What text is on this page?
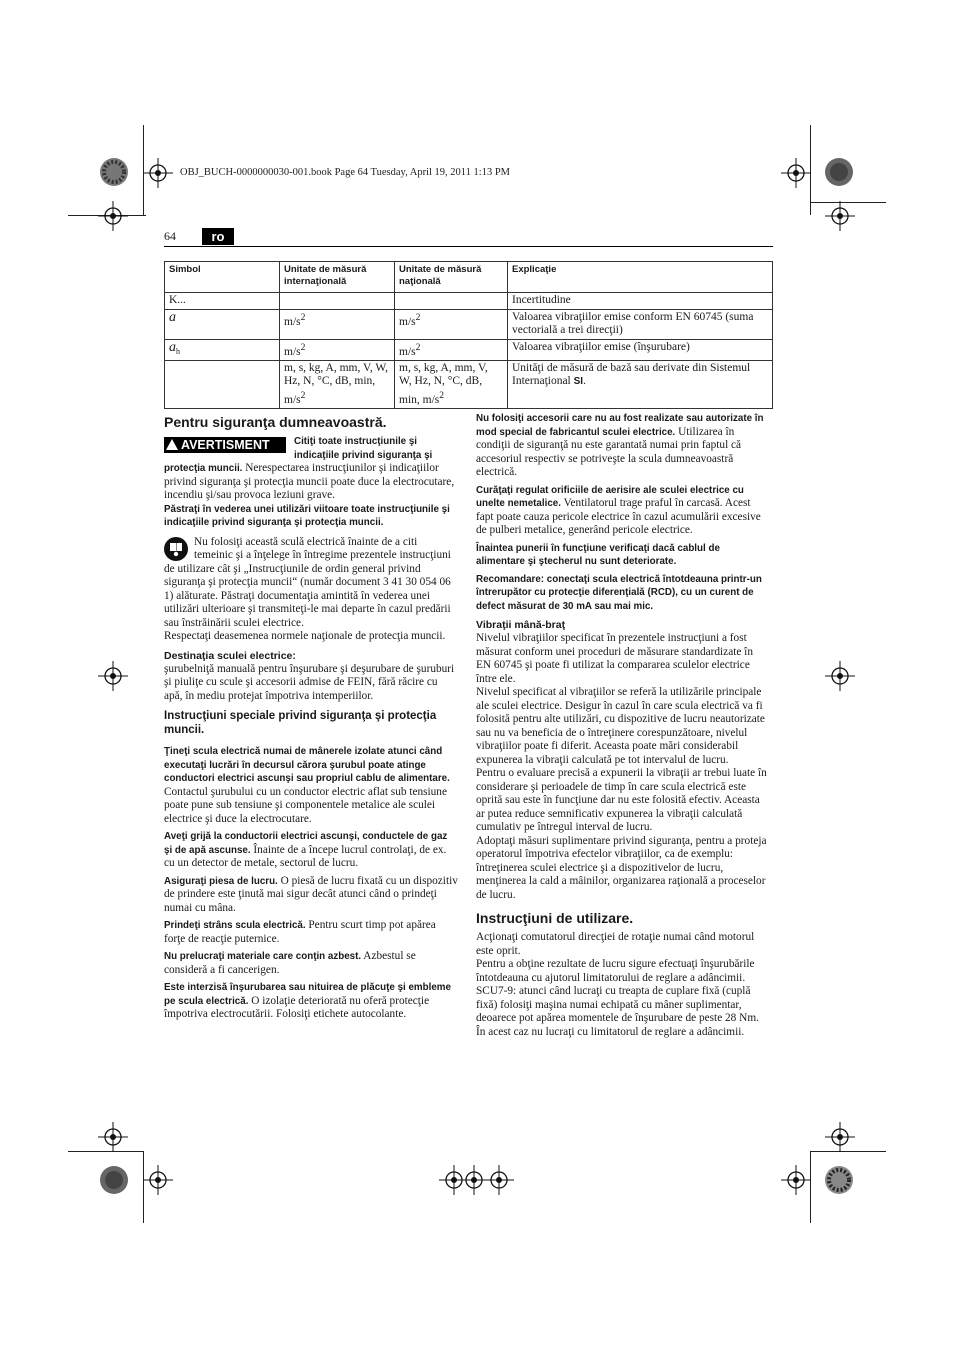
OBJ_BUCH-0000000030-001.book Page 64 Tuesday, April 19, 2011 1:13 PM
64	ro
Simbol	Unitate de măsură internaţională	Unitate de măsură naţională	Explicaţie
K...			Incertitudine
a	$m/s^2$	$m/s^2$	Valoarea vibraţiilor emise conform EN 60745 (suma vectorială a trei direcţii)
$a_h$	$m/s^2$	$m/s^2$	Valoarea vibraţiilor emise (înşurubare)
	m, s, kg, A, mm, V, W, Hz, N, °C, dB, min, $m/s^2$	m, s, kg, A, mm, V, W, Hz, N, °C, dB, min, $m/s^2$	Unităţi de măsură de bază sau derivate din Sistemul Internaţional SI.
Pentru siguranţa dumneavoastră.

AVERTISMENT	Citiţi toate instrucţiunile şi indicaţiile privind siguranţa şi protecţia muncii. Nerespectarea instrucţiunilor şi indicaţiilor privind siguranţa şi protecţia muncii poate duce la electrocutare, incendiu şi/sau provoca leziuni grave.

Păstraţi în vederea unei utilizări viitoare toate instrucţiunile şi indicaţiile privind siguranţa şi protecţia muncii.

Nu folosiţi această sculă electrică înainte de a citi temeinic şi a înţelege în întregime prezentele instrucţiuni de utilizare cât şi „Instrucţiunile de ordin general privind siguranţa şi protecţia muncii“ (număr document 3 41 30 054 06 1) alăturate. Păstraţi documentaţia amintită în vederea unei utilizări ulterioare şi transmiteţi-le mai departe în cazul predării sau înstrăinării sculei electrice.

Respectaţi deasemenea normele naţionale de protecţia muncii.

Destinaţia sculei electrice:

şurubelniţă manuală pentru înşurubare şi deşurubare de şuruburi şi piuliţe cu scule şi accesorii admise de FEIN, fără răcire cu apă, în mediu protejat împotriva intemperiilor.

Instrucţiuni speciale privind siguranţa şi protecţia muncii.

Ţineţi scula electrică numai de mânerele izolate atunci când executaţi lucrări în decursul cărora şurubul poate atinge conductori electrici ascunşi sau propriul cablu de alimentare. Contactul şurubului cu un conductor electric aflat sub tensiune poate pune sub tensiune şi componentele metalice ale sculei electrice şi duce la electrocutare.

Aveţi grijă la conductorii electrici ascunşi, conductele de gaz şi de apă ascunse. Înainte de a începe lucrul controlaţi, de ex. cu un detector de metale, sectorul de lucru.

Asiguraţi piesa de lucru. O piesă de lucru fixată cu un dispozitiv de prindere este ţinută mai sigur decât atunci când o prindeţi numai cu mâna.

Prindeţi strâns scula electrică. Pentru scurt timp pot apărea forţe de reacţie puternice.

Nu prelucraţi materiale care conţin azbest. Azbestul se consideră a fi cancerigen.

Este interzisă înşurubarea sau nituirea de plăcuţe şi embleme pe scula electrică. O izolaţie deteriorată nu oferă protecţie împotriva electrocutării. Folosiţi etichete autocolante.

Nu folosiţi accesorii care nu au fost realizate sau autorizate în mod special de fabricantul sculei electrice. Utilizarea în condiţii de siguranţă nu este garantată numai prin faptul că accesoriul respectiv se potriveşte la scula dumneavoastră electrică.

Curăţaţi regulat orificiile de aerisire ale sculei electrice cu unelte nemetalice. Ventilatorul trage praful în carcasă. Acest fapt poate cauza pericole electrice în cazul acumulării excesive de pulberi metalice, generând pericole electrice.

Înaintea punerii în funcţiune verificaţi dacă cablul de alimentare şi ştecherul nu sunt deteriorate.

Recomandare: conectaţi scula electrică întotdeauna printr-un întrerupător cu protecţie diferenţială (RCD), cu un curent de defect măsurat de 30 mA sau mai mic.

Vibraţii mână-braţ

Nivelul vibraţiilor specificat în prezentele instrucţiuni a fost măsurat conform unei proceduri de măsurare standardizate în EN 60745 şi poate fi utilizat la compararea sculelor electrice între ele.

Nivelul specificat al vibraţiilor se referă la utilizările principale ale sculei electrice. Desigur în cazul în care scula electrică va fi folosită pentru alte utilizări, cu dispozitive de lucru neautorizate sau nu va beneficia de o întreţinere corespunzătoare, nivelul vibraţiilor poate fi diferit. Aceasta poate mări considerabil expunerea la vibraţii calculată pe tot intervalul de lucru.

Pentru o evaluare precisă a expunerii la vibraţii ar trebui luate în considerare şi perioadele de timp în care scula electrică este oprită sau este în funcţiune dar nu este folosită efectiv. Aceasta ar putea reduce semnificativ expunerea la vibraţii calculată cumulativ pe întregul interval de lucru.

Adoptaţi măsuri suplimentare privind siguranţa, pentru a proteja operatorul împotriva efectelor vibraţiilor, ca de exemplu: întreţinerea sculei electrice şi a dispozitivelor de lucru, menţinerea la cald a mâinilor, organizarea raţională a proceselor de lucru.

Instrucţiuni de utilizare.

Acţionaţi comutatorul direcţiei de rotaţie numai când motorul este oprit.

Pentru a obţine rezultate de lucru sigure efectuaţi înşurubările întotdeauna cu ajutorul limitatorului de reglare a adâncimii.

SCU7-9: atunci când lucraţi cu treapta de cuplare fixă (cuplă fixă) folosiţi maşina numai echipată cu mâner suplimentar, deoarece pot apărea momentele de înşurubare de peste 28 Nm. În acest caz nu lucraţi cu limitatorul de reglare a adâncimii.
